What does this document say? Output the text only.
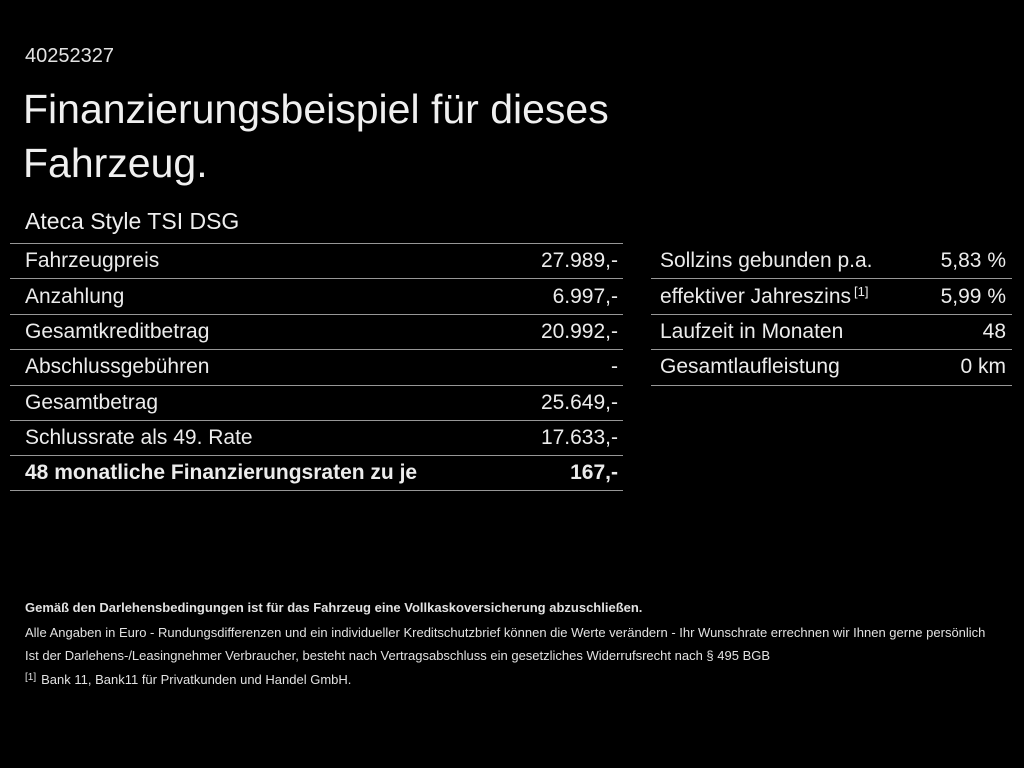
40252327
Finanzierungsbeispiel für dieses Fahrzeug.
Ateca Style TSI DSG
Fahrzeugpreis	27.989,-
Anzahlung	6.997,-
Gesamtkreditbetrag	20.992,-
Abschlussgebühren	-
Gesamtbetrag	25.649,-
Schlussrate als 49. Rate	17.633,-
48 monatliche Finanzierungsraten zu je	167,-
Sollzins gebunden p.a.	5,83 %
effektiver Jahreszins [1]	5,99 %
Laufzeit in Monaten	48
Gesamtlaufleistung	0 km
Gemäß den Darlehensbedingungen ist für das Fahrzeug eine Vollkaskoversicherung abzuschließen.
Alle Angaben in Euro - Rundungsdifferenzen und ein individueller Kreditschutzbrief können die Werte verändern - Ihr Wunschrate errechnen wir Ihnen gerne persönlich
Ist der Darlehens-/Leasingnehmer Verbraucher, besteht nach Vertragsabschluss ein gesetzliches Widerrufsrecht nach § 495 BGB
[1] Bank 11, Bank11 für Privatkunden und Handel GmbH.
